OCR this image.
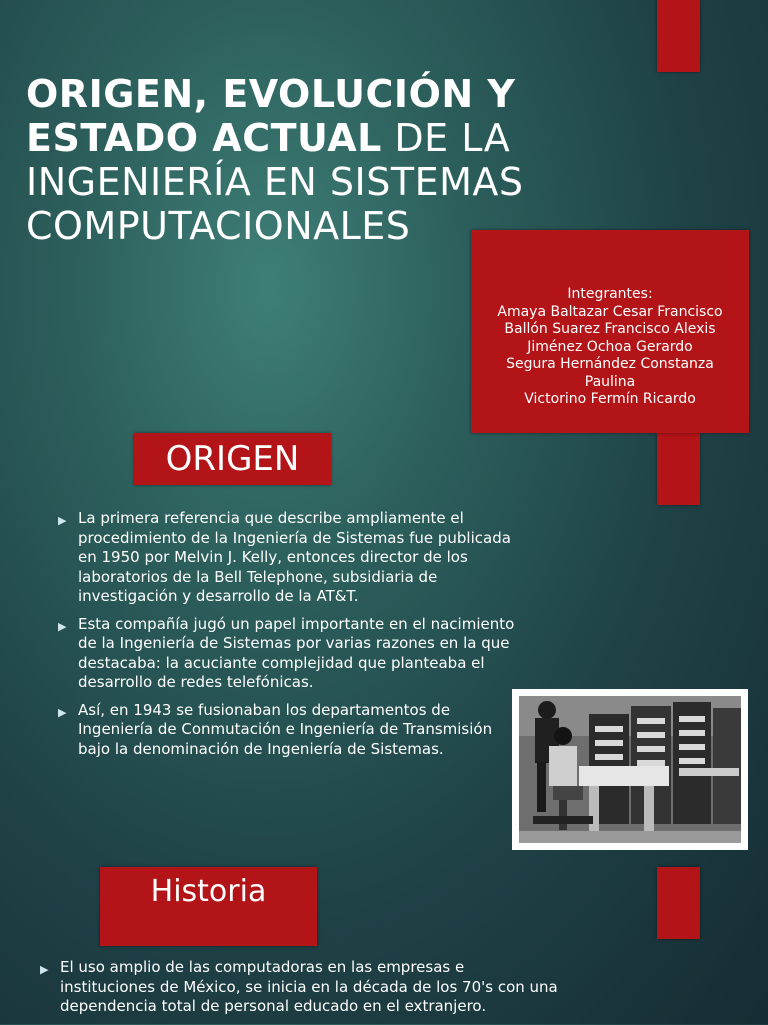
ORIGEN, EVOLUCIÓN Y ESTADO ACTUAL DE LA
INGENIERÍA EN SISTEMAS COMPUTACIONALES
Integrantes:
Amaya Baltazar Cesar Francisco
Ballón Suarez Francisco Alexis
Jiménez Ochoa Gerardo
Segura Hernández Constanza
Paulina
Victorino Fermín Ricardo
ORIGEN
▶ La primera referencia que describe ampliamente el procedimiento de la Ingeniería de Sistemas fue publicada en 1950 por Melvin J. Kelly, entonces director de los laboratorios de la Bell Telephone, subsidiaria de investigación y desarrollo de la AT&T.
▶ Esta compañía jugó un papel importante en el nacimiento de la Ingeniería de Sistemas por varias razones en la que destacaba: la acuciante complejidad que planteaba el desarrollo de redes telefónicas.
▶ Así, en 1943 se fusionaban los departamentos de Ingeniería de Conmutación e Ingeniería de Transmisión bajo la denominación de Ingeniería de Sistemas.
Historia
▶ El uso amplio de las computadoras en las empresas e instituciones de México, se inicia en la década de los 70's con una dependencia total de personal educado en el extranjero.
